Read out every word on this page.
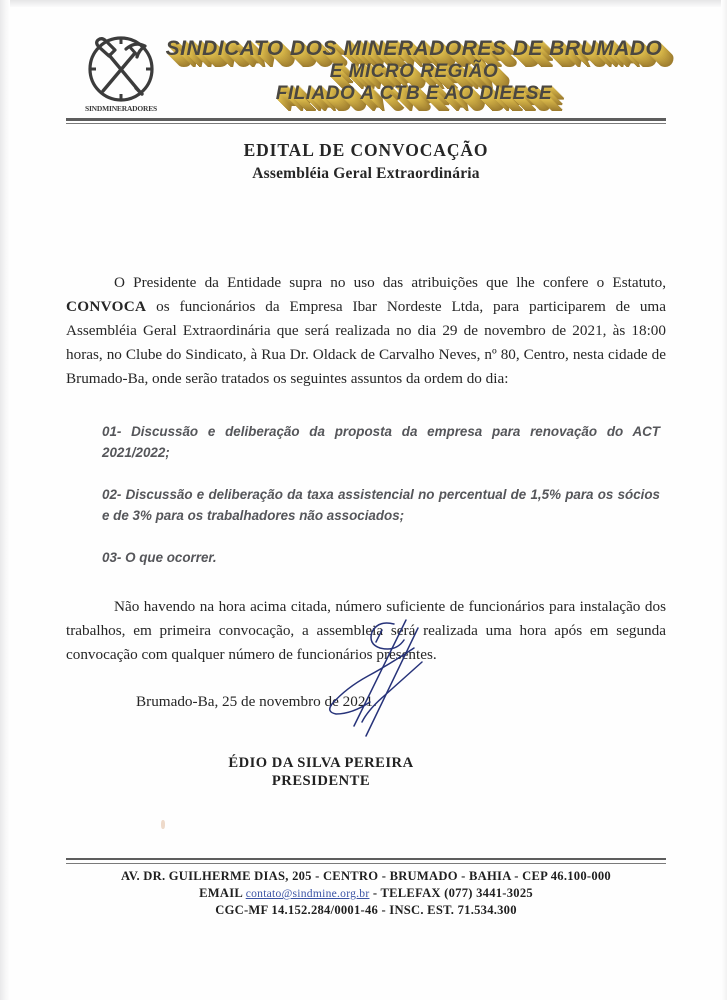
SINDMINERADORES
SINDICATO DOS MINERADORES DE BRUMADO
E MICRO REGIÃO
FILIADO A CTB E AO DIEESE
EDITAL DE CONVOCAÇÃO
Assembléia Geral Extraordinária

O Presidente da Entidade supra no uso das atribuições que lhe confere o Estatuto, CONVOCA os funcionários da Empresa Ibar Nordeste Ltda, para participarem de uma Assembléia Geral Extraordinária que será realizada no dia 29 de novembro de 2021, às 18:00 horas, no Clube do Sindicato, à Rua Dr. Oldack de Carvalho Neves, nº 80, Centro, nesta cidade de Brumado-Ba, onde serão tratados os seguintes assuntos da ordem do dia:

01- Discussão e deliberação da proposta da empresa para renovação do ACT 2021/2022;
02- Discussão e deliberação da taxa assistencial no percentual de 1,5% para os sócios e de 3% para os trabalhadores não associados;
03- O que ocorrer.

Não havendo na hora acima citada, número suficiente de funcionários para instalação dos trabalhos, em primeira convocação, a assembleia será realizada uma hora após em segunda convocação com qualquer número de funcionários presentes.

Brumado-Ba, 25 de novembro de 2021.
ÉDIO DA SILVA PEREIRA
PRESIDENTE
AV. DR. GUILHERME DIAS, 205 - CENTRO - BRUMADO - BAHIA - CEP 46.100-000
EMAIL contato@sindmine.org.br - TELEFAX (077) 3441-3025
CGC-MF 14.152.284/0001-46 - INSC. EST. 71.534.300
